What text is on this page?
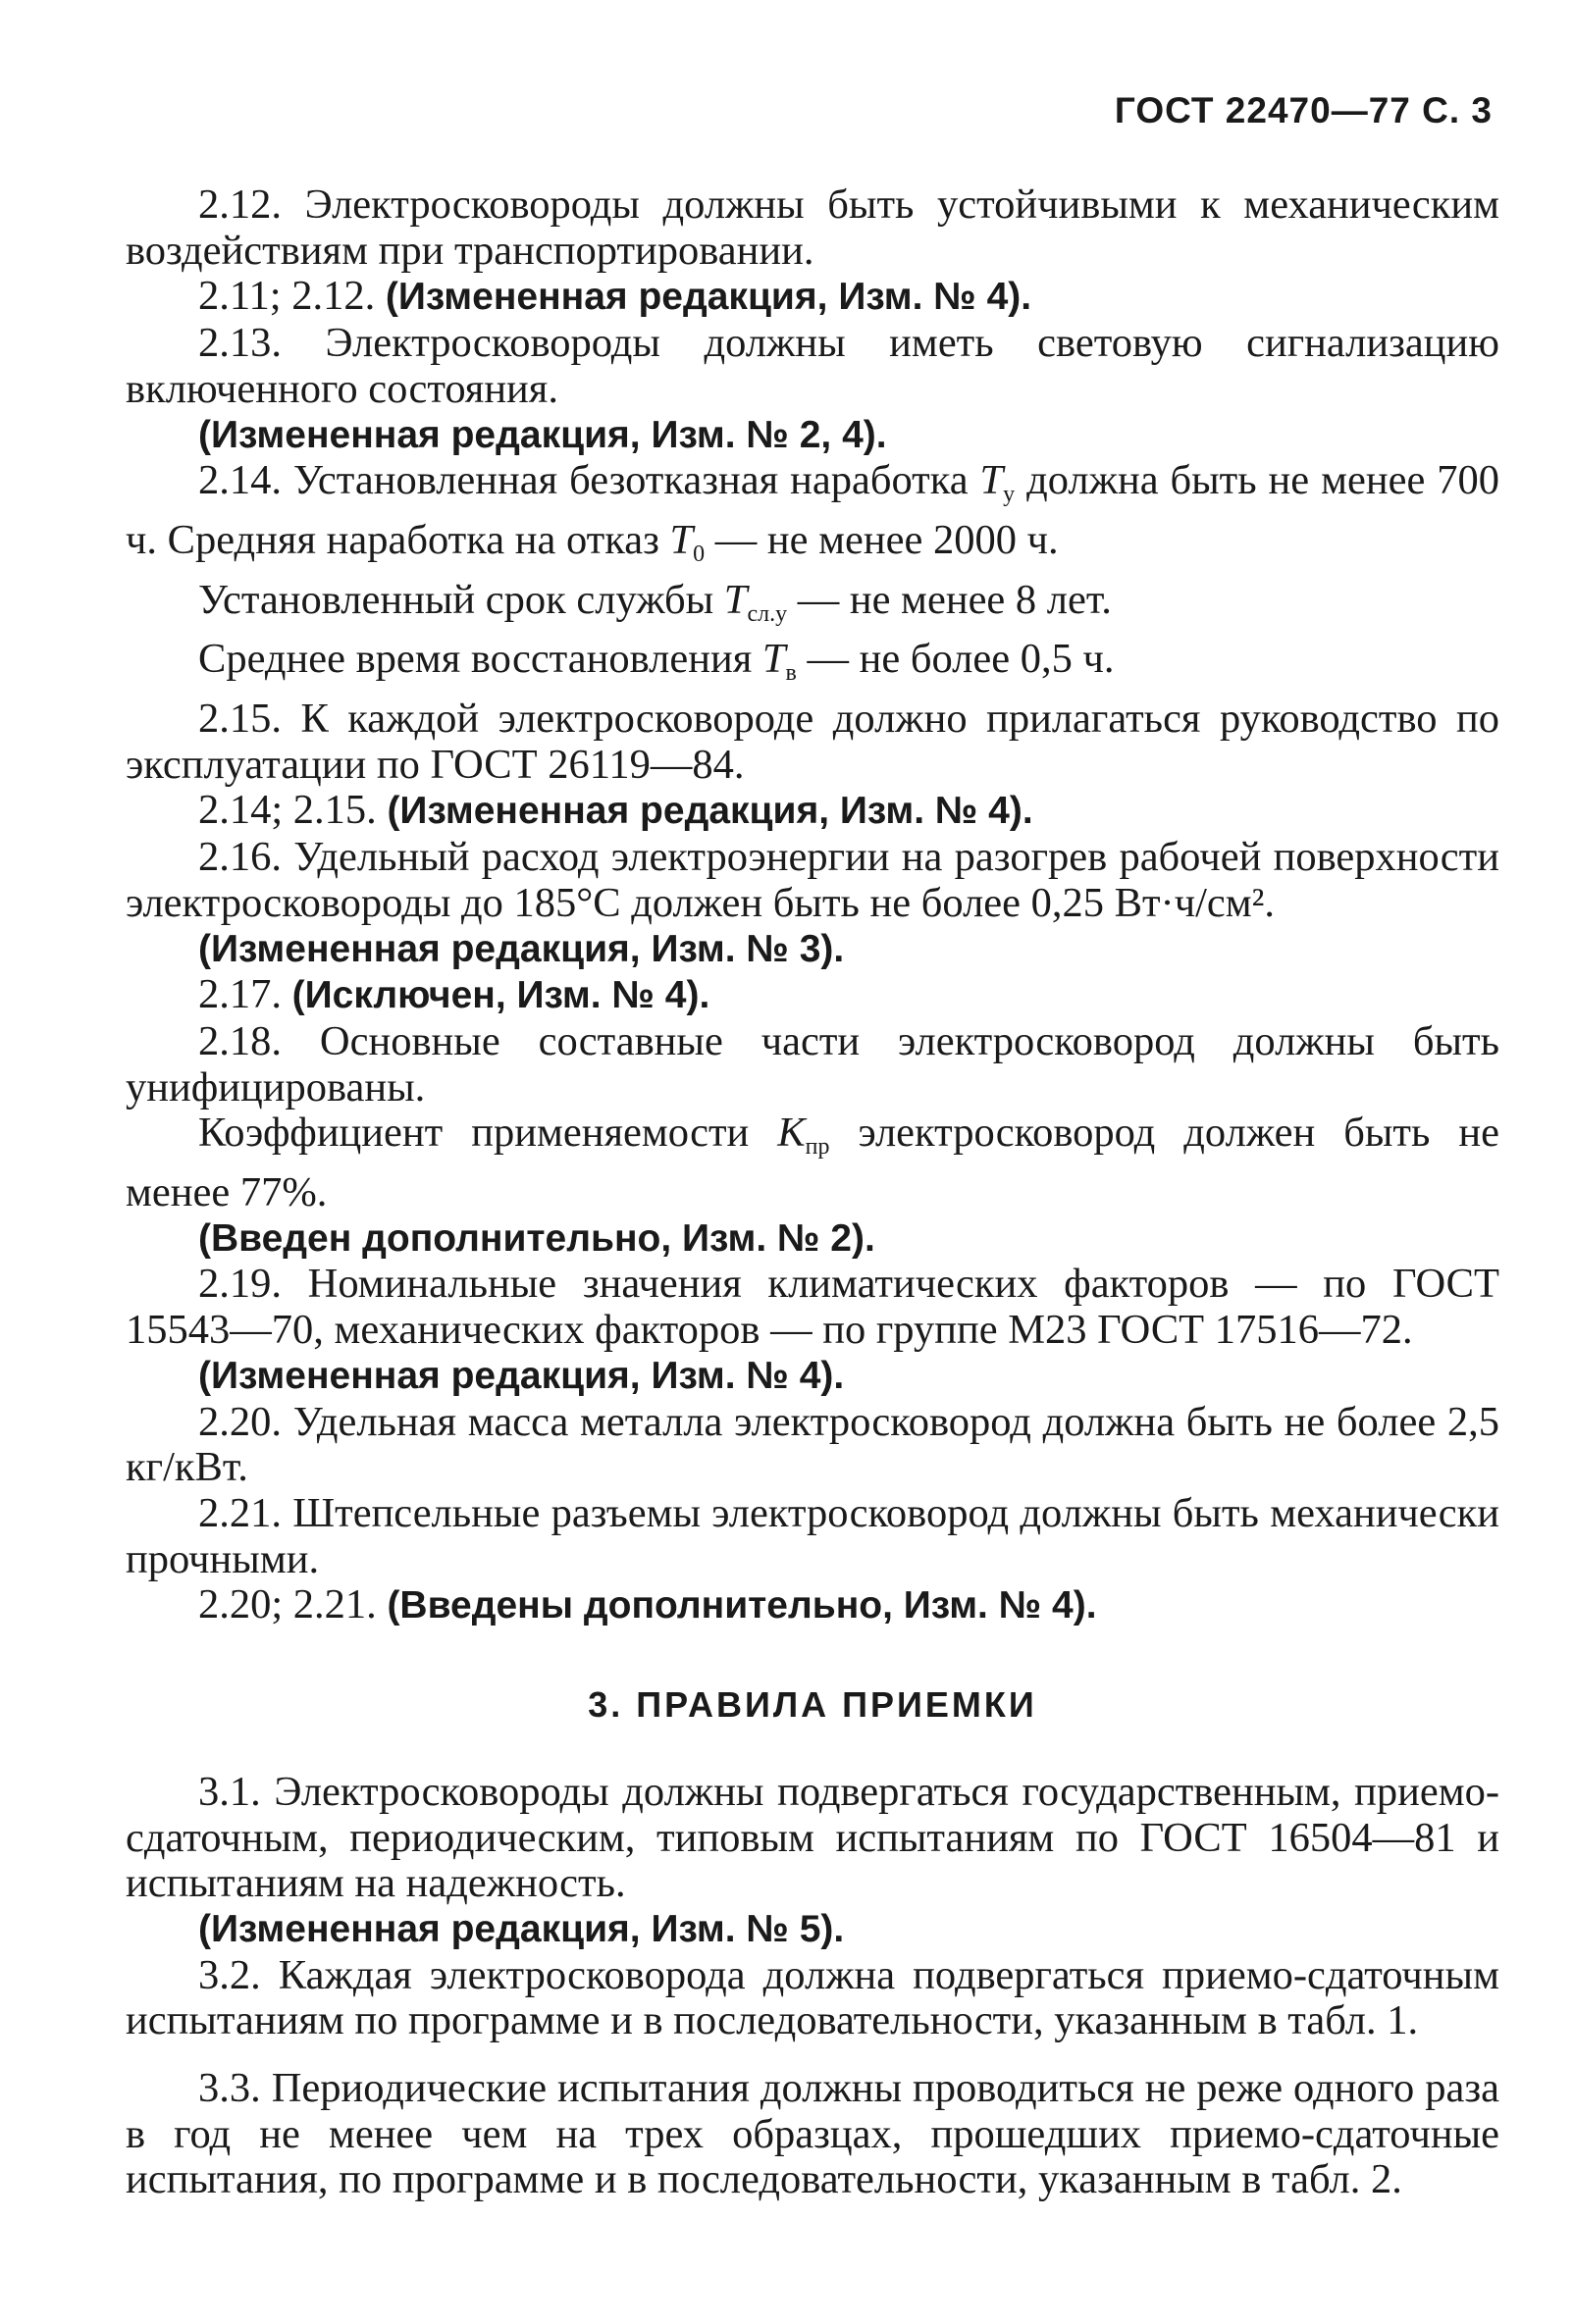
ГОСТ 22470—77 С. 3

2.12. Электросковороды должны быть устойчивыми к механическим воздействиям при транспортировании.

2.11; 2.12. (Измененная редакция, Изм. № 4).

2.13. Электросковороды должны иметь световую сигнализацию включенного состояния.

(Измененная редакция, Изм. № 2, 4).

2.14. Установленная безотказная наработка $T_у$ должна быть не менее 700 ч. Средняя наработка на отказ $T_0$ — не менее 2000 ч.

Установленный срок службы $T_{сл.у}$ — не менее 8 лет.

Среднее время восстановления $T_в$ — не более 0,5 ч.

2.15. К каждой электросковороде должно прилагаться руководство по эксплуатации по ГОСТ 26119—84.

2.14; 2.15. (Измененная редакция, Изм. № 4).

2.16. Удельный расход электроэнергии на разогрев рабочей поверхности электросковороды до 185°С должен быть не более 0,25 Вт·ч/см².

(Измененная редакция, Изм. № 3).

2.17. (Исключен, Изм. № 4).

2.18. Основные составные части электросковород должны быть унифицированы.

Коэффициент применяемости $K_{пр}$ электросковород должен быть не менее 77%.

(Введен дополнительно, Изм. № 2).

2.19. Номинальные значения климатических факторов — по ГОСТ 15543—70, механических факторов — по группе М23 ГОСТ 17516—72.

(Измененная редакция, Изм. № 4).

2.20. Удельная масса металла электросковород должна быть не более 2,5 кг/кВт.

2.21. Штепсельные разъемы электросковород должны быть механически прочными.

2.20; 2.21. (Введены дополнительно, Изм. № 4).

3. ПРАВИЛА ПРИЕМКИ

3.1. Электросковороды должны подвергаться государственным, приемо-сдаточным, периодическим, типовым испытаниям по ГОСТ 16504—81 и испытаниям на надежность.

(Измененная редакция, Изм. № 5).

3.2. Каждая электросковорода должна подвергаться приемо-сдаточным испытаниям по программе и в последовательности, указанным в табл. 1.

3.3. Периодические испытания должны проводиться не реже одного раза в год не менее чем на трех образцах, прошедших приемо-сдаточные испытания, по программе и в последовательности, указанным в табл. 2.
